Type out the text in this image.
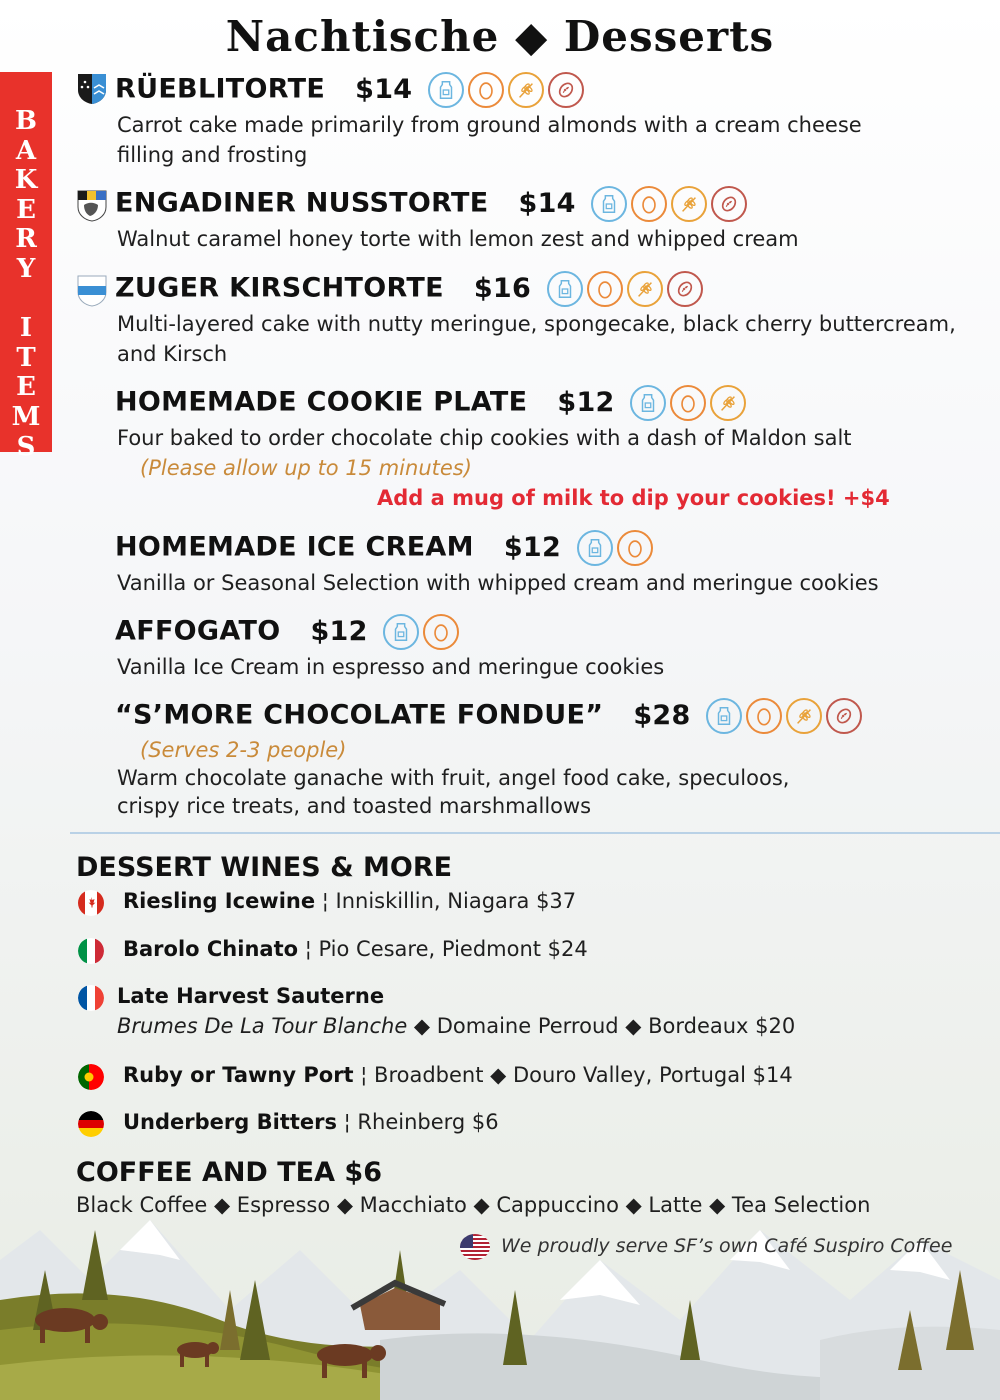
Nachtische ◆ Desserts
B
A
K
E
R
Y

I
T
E
M
S
RÜEBLITORTE $14
Carrot cake made primarily from ground almonds with a cream cheese filling and frosting
ENGADINER NUSSTORTE $14
Walnut caramel honey torte with lemon zest and whipped cream
ZUGER KIRSCHTORTE $16
Multi-layered cake with nutty meringue, spongecake, black cherry buttercream, and Kirsch
HOMEMADE COOKIE PLATE $12
Four baked to order chocolate chip cookies with a dash of Maldon salt
(Please allow up to 15 minutes)
Add a mug of milk to dip your cookies! +$4
HOMEMADE ICE CREAM $12
Vanilla or Seasonal Selection with whipped cream and meringue cookies
AFFOGATO $12
Vanilla Ice Cream in espresso and meringue cookies
“S’MORE CHOCOLATE FONDUE” $28
(Serves 2-3 people)
Warm chocolate ganache with fruit, angel food cake, speculoos, crispy rice treats, and toasted marshmallows
DESSERT WINES & MORE
Riesling Icewine ¦ Inniskillin, Niagara $37
Barolo Chinato ¦ Pio Cesare, Piedmont $24
Late Harvest Sauterne
Brumes De La Tour Blanche ◆ Domaine Perroud ◆ Bordeaux $20
Ruby or Tawny Port ¦ Broadbent ◆ Douro Valley, Portugal $14
Underberg Bitters ¦ Rheinberg $6
COFFEE AND TEA $6
Black Coffee ◆ Espresso ◆ Macchiato ◆ Cappuccino ◆ Latte ◆ Tea Selection
We proudly serve SF’s own Café Suspiro Coffee
